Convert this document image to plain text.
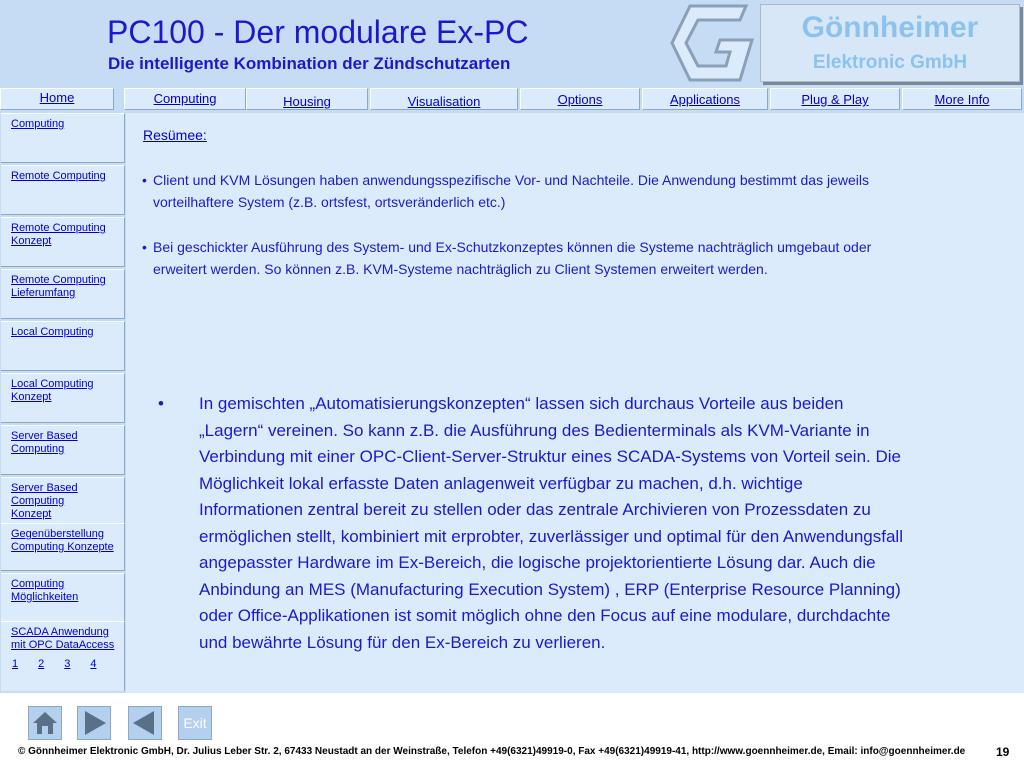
PC100 - Der modulare Ex-PC
Die intelligente Kombination der Zündschutzarten
Gönnheimer
Elektronic GmbH
Home	Computing	Housing	Visualisation	Options	Applications	Plug & Play	More Info
Computing
Remote Computing
Remote Computing
Konzept
Remote Computing
Lieferumfang
Local Computing
Local Computing
Konzept
Server Based
Computing
Server Based
Computing
Konzept
Gegenüberstellung
Computing Konzepte
Computing
Möglichkeiten
SCADA Anwendung
mit OPC DataAccess
1 2 3 4
Resümee:
• Client und KVM Lösungen haben anwendungsspezifische Vor- und Nachteile. Die Anwendung bestimmt das jeweils
vorteilhaftere System (z.B. ortsfest, ortsveränderlich etc.)
• Bei geschickter Ausführung des System- und Ex-Schutzkonzeptes können die Systeme nachträglich umgebaut oder
erweitert werden. So können z.B. KVM-Systeme nachträglich zu Client Systemen erweitert werden.
•	In gemischten „Automatisierungskonzepten“ lassen sich durchaus Vorteile aus beiden
„Lagern“ vereinen. So kann z.B. die Ausführung des Bedienterminals als KVM-Variante in
Verbindung mit einer OPC-Client-Server-Struktur eines SCADA-Systems von Vorteil sein. Die
Möglichkeit lokal erfasste Daten anlagenweit verfügbar zu machen, d.h. wichtige
Informationen zentral bereit zu stellen oder das zentrale Archivieren von Prozessdaten zu
ermöglichen stellt, kombiniert mit erprobter, zuverlässiger und optimal für den Anwendungsfall
angepasster Hardware im Ex-Bereich, die logische projektorientierte Lösung dar. Auch die
Anbindung an MES (Manufacturing Execution System) , ERP (Enterprise Resource Planning)
oder Office-Applikationen ist somit möglich ohne den Focus auf eine modulare, durchdachte
und bewährte Lösung für den Ex-Bereich zu verlieren.
Exit
© Gönnheimer Elektronic GmbH, Dr. Julius Leber Str. 2, 67433 Neustadt an der Weinstraße, Telefon +49(6321)49919-0, Fax +49(6321)49919-41, http://www.goennheimer.de, Email: info@goennheimer.de	19
